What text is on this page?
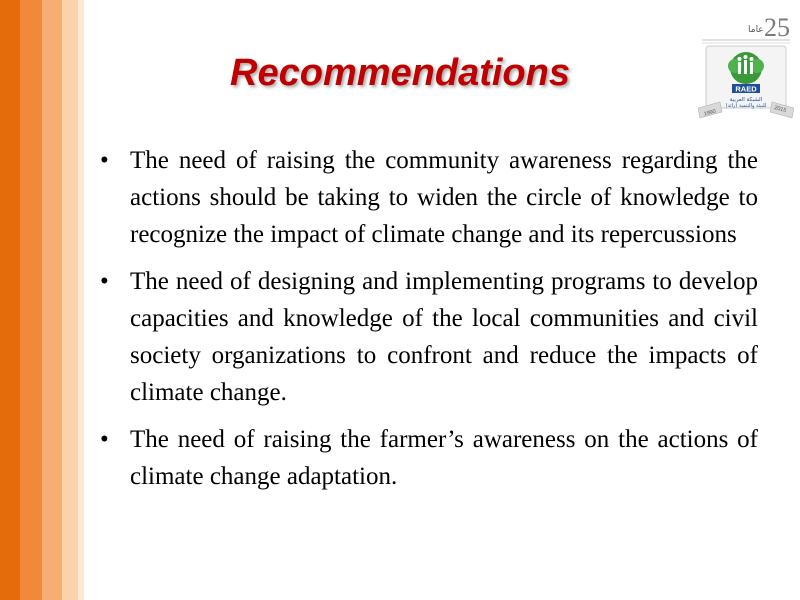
Recommendations
عاما 25
RAED
الشبكة العربية
للبيئة والتنمية (رائد)
1990	2015
• The need of raising the community awareness regarding the actions should be taking to widen the circle of knowledge to recognize the impact of climate change and its repercussions
• The need of designing and implementing programs to develop capacities and knowledge of the local communities and civil society organizations to confront and reduce the impacts of climate change.
• The need of raising the farmer’s awareness on the actions of climate change adaptation.
